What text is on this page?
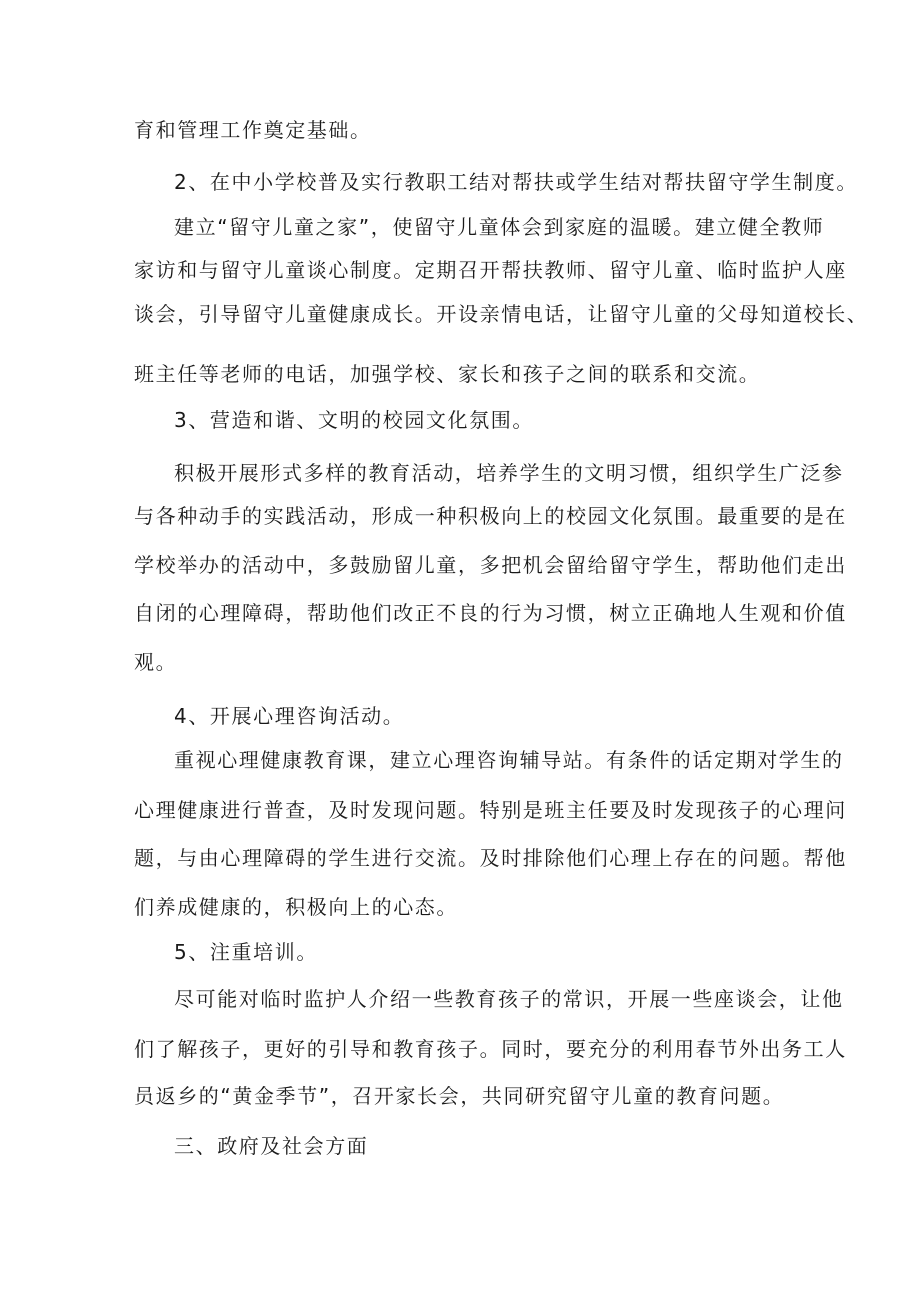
育和管理工作奠定基础。
2、在中小学校普及实行教职工结对帮扶或学生结对帮扶留守学生制度。
建立“留守儿童之家”，使留守儿童体会到家庭的温暖。建立健全教师
家访和与留守儿童谈心制度。定期召开帮扶教师、留守儿童、临时监护人座
谈会，引导留守儿童健康成长。开设亲情电话，让留守儿童的父母知道校长、
班主任等老师的电话，加强学校、家长和孩子之间的联系和交流。
3、营造和谐、文明的校园文化氛围。
积极开展形式多样的教育活动，培养学生的文明习惯，组织学生广泛参
与各种动手的实践活动，形成一种积极向上的校园文化氛围。最重要的是在
学校举办的活动中，多鼓励留儿童，多把机会留给留守学生，帮助他们走出
自闭的心理障碍，帮助他们改正不良的行为习惯，树立正确地人生观和价值
观。
4、开展心理咨询活动。
重视心理健康教育课，建立心理咨询辅导站。有条件的话定期对学生的
心理健康进行普查，及时发现问题。特别是班主任要及时发现孩子的心理问
题，与由心理障碍的学生进行交流。及时排除他们心理上存在的问题。帮他
们养成健康的，积极向上的心态。
5、注重培训。
尽可能对临时监护人介绍一些教育孩子的常识，开展一些座谈会，让他
们了解孩子，更好的引导和教育孩子。同时，要充分的利用春节外出务工人
员返乡的“黄金季节”，召开家长会，共同研究留守儿童的教育问题。
三、政府及社会方面
